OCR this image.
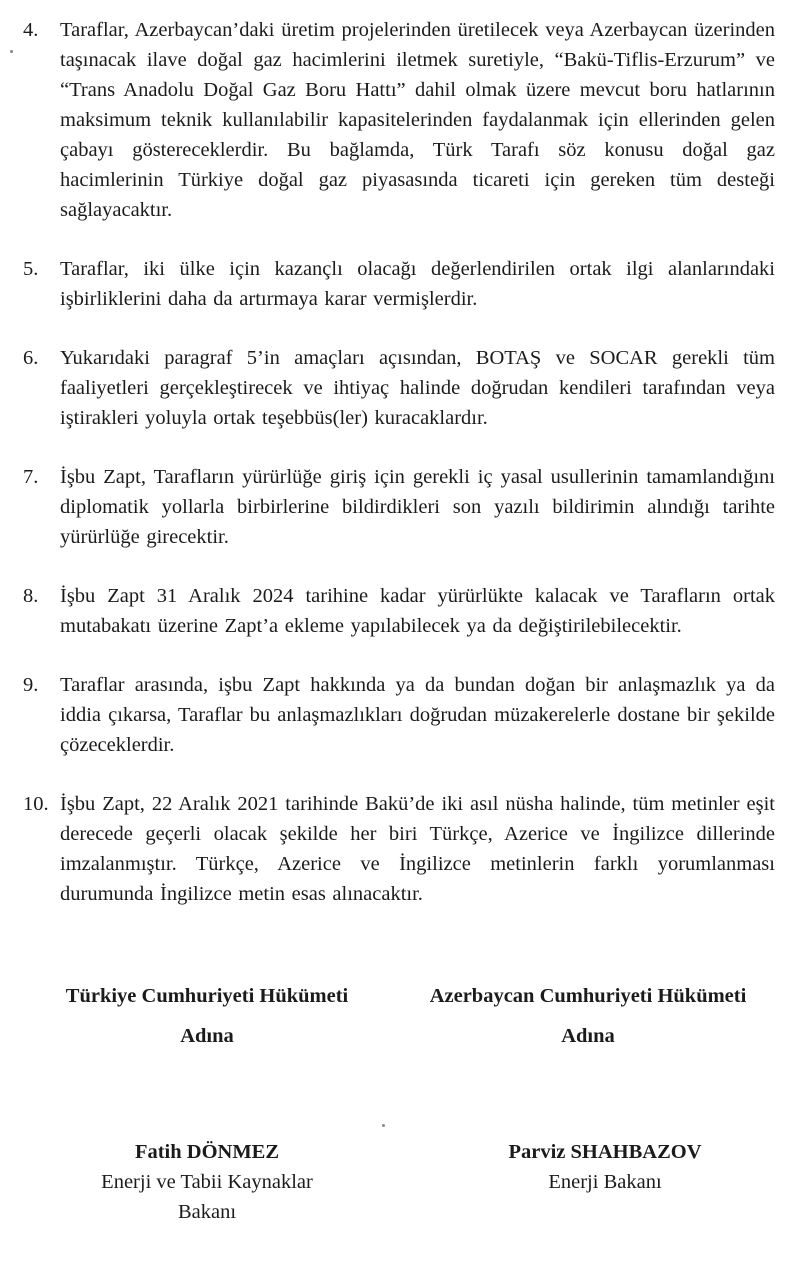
4.	Taraflar, Azerbaycan’daki üretim projelerinden üretilecek veya Azerbaycan üzerinden taşınacak ilave doğal gaz hacimlerini iletmek suretiyle, “Bakü-Tiflis-Erzurum” ve “Trans Anadolu Doğal Gaz Boru Hattı” dahil olmak üzere mevcut boru hatlarının maksimum teknik kullanılabilir kapasitelerinden faydalanmak için ellerinden gelen çabayı göstereceklerdir. Bu bağlamda, Türk Tarafı söz konusu doğal gaz hacimlerinin Türkiye doğal gaz piyasasında ticareti için gereken tüm desteği sağlayacaktır.

5.	Taraflar, iki ülke için kazançlı olacağı değerlendirilen ortak ilgi alanlarındaki işbirliklerini daha da artırmaya karar vermişlerdir.

6.	Yukarıdaki paragraf 5’in amaçları açısından, BOTAŞ ve SOCAR gerekli tüm faaliyetleri gerçekleştirecek ve ihtiyaç halinde doğrudan kendileri tarafından veya iştirakleri yoluyla ortak teşebbüs(ler) kuracaklardır.

7.	İşbu Zapt, Tarafların yürürlüğe giriş için gerekli iç yasal usullerinin tamamlandığını diplomatik yollarla birbirlerine bildirdikleri son yazılı bildirimin alındığı tarihte yürürlüğe girecektir.

8.	İşbu Zapt 31 Aralık 2024 tarihine kadar yürürlükte kalacak ve Tarafların ortak mutabakatı üzerine Zapt’a ekleme yapılabilecek ya da değiştirilebilecektir.

9.	Taraflar arasında, işbu Zapt hakkında ya da bundan doğan bir anlaşmazlık ya da iddia çıkarsa, Taraflar bu anlaşmazlıkları doğrudan müzakerelerle dostane bir şekilde çözeceklerdir.

10. İşbu Zapt, 22 Aralık 2021 tarihinde Bakü’de iki asıl nüsha halinde, tüm metinler eşit derecede geçerli olacak şekilde her biri Türkçe, Azerice ve İngilizce dillerinde imzalanmıştır. Türkçe, Azerice ve İngilizce metinlerin farklı yorumlanması durumunda İngilizce metin esas alınacaktır.

Türkiye Cumhuriyeti Hükümeti
Adına
Azerbaycan Cumhuriyeti Hükümeti
Adına
Fatih DÖNMEZ
Enerji ve Tabii Kaynaklar
Bakanı
Parviz SHAHBAZOV
Enerji Bakanı
